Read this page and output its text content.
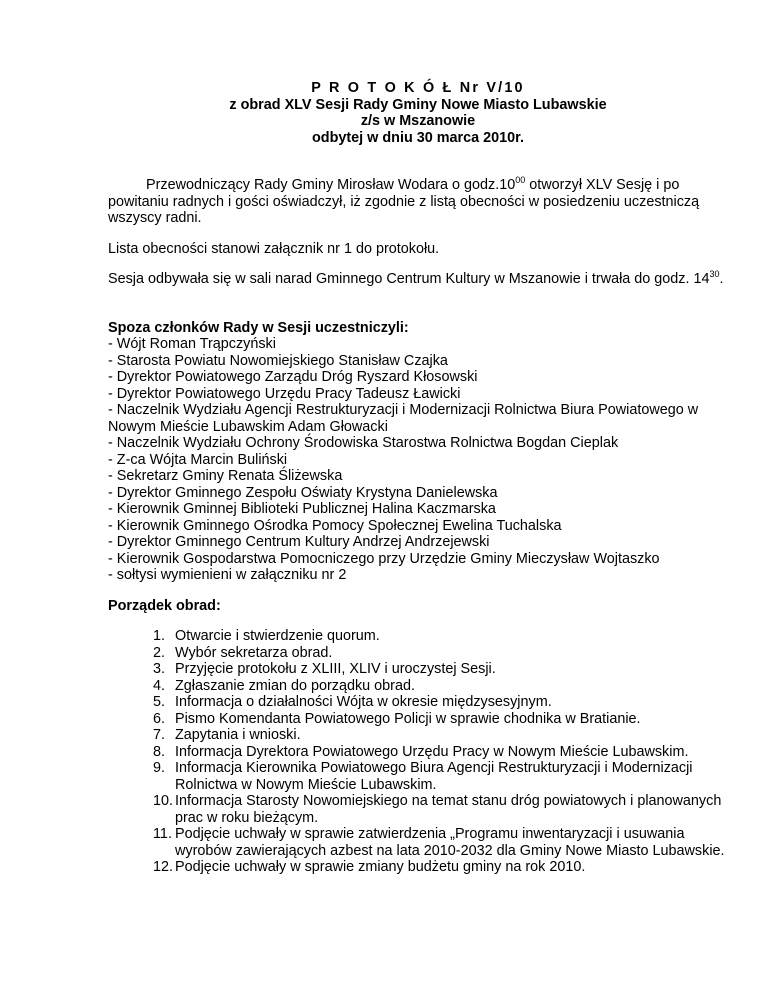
P R O T O K Ó Ł Nr V/10
z obrad XLV Sesji Rady Gminy Nowe Miasto Lubawskie
z/s w Mszanowie
odbytej w dniu 30 marca 2010r.

Przewodniczący Rady Gminy Mirosław Wodara o $godz.10^{00}$ otworzył XLV Sesję i po powitaniu radnych i gości oświadczył, iż zgodnie z listą obecności w posiedzeniu uczestniczą wszyscy radni.

Lista obecności stanowi załącznik nr 1 do protokołu.

Sesja odbywała się w sali narad Gminnego Centrum Kultury w Mszanowie i trwała do godz. $14^{30}$.

Spoza członków Rady w Sesji uczestniczyli:
- Wójt Roman Trąpczyński
- Starosta Powiatu Nowomiejskiego Stanisław Czajka
- Dyrektor Powiatowego Zarządu Dróg Ryszard Kłosowski
- Dyrektor Powiatowego Urzędu Pracy Tadeusz Ławicki
- Naczelnik Wydziału Agencji Restrukturyzacji i Modernizacji Rolnictwa Biura Powiatowego w Nowym Mieście Lubawskim Adam Głowacki
- Naczelnik Wydziału Ochrony Środowiska Starostwa Rolnictwa Bogdan Cieplak
- Z-ca Wójta Marcin Buliński
- Sekretarz Gminy Renata Śliżewska
- Dyrektor Gminnego Zespołu Oświaty Krystyna Danielewska
- Kierownik Gminnej Biblioteki Publicznej Halina Kaczmarska
- Kierownik Gminnego Ośrodka Pomocy Społecznej Ewelina Tuchalska
- Dyrektor Gminnego Centrum Kultury Andrzej Andrzejewski
- Kierownik Gospodarstwa Pomocniczego przy Urzędzie Gminy Mieczysław Wojtaszko
- sołtysi wymienieni w załączniku nr 2
Porządek obrad:
1. Otwarcie i stwierdzenie quorum.
2. Wybór sekretarza obrad.
3. Przyjęcie protokołu z XLIII, XLIV i uroczystej Sesji.
4. Zgłaszanie zmian do porządku obrad.
5. Informacja o działalności Wójta w okresie międzysesyjnym.
6. Pismo Komendanta Powiatowego Policji w sprawie chodnika w Bratianie.
7. Zapytania i wnioski.
8. Informacja Dyrektora Powiatowego Urzędu Pracy w Nowym Mieście Lubawskim.
9. Informacja Kierownika Powiatowego Biura Agencji Restrukturyzacji i Modernizacji Rolnictwa w Nowym Mieście Lubawskim.
10. Informacja Starosty Nowomiejskiego na temat stanu dróg powiatowych i planowanych prac w roku bieżącym.
11. Podjęcie uchwały w sprawie zatwierdzenia „Programu inwentaryzacji i usuwania wyrobów zawierających azbest na lata 2010-2032 dla Gminy Nowe Miasto Lubawskie.
12. Podjęcie uchwały w sprawie zmiany budżetu gminy na rok 2010.
